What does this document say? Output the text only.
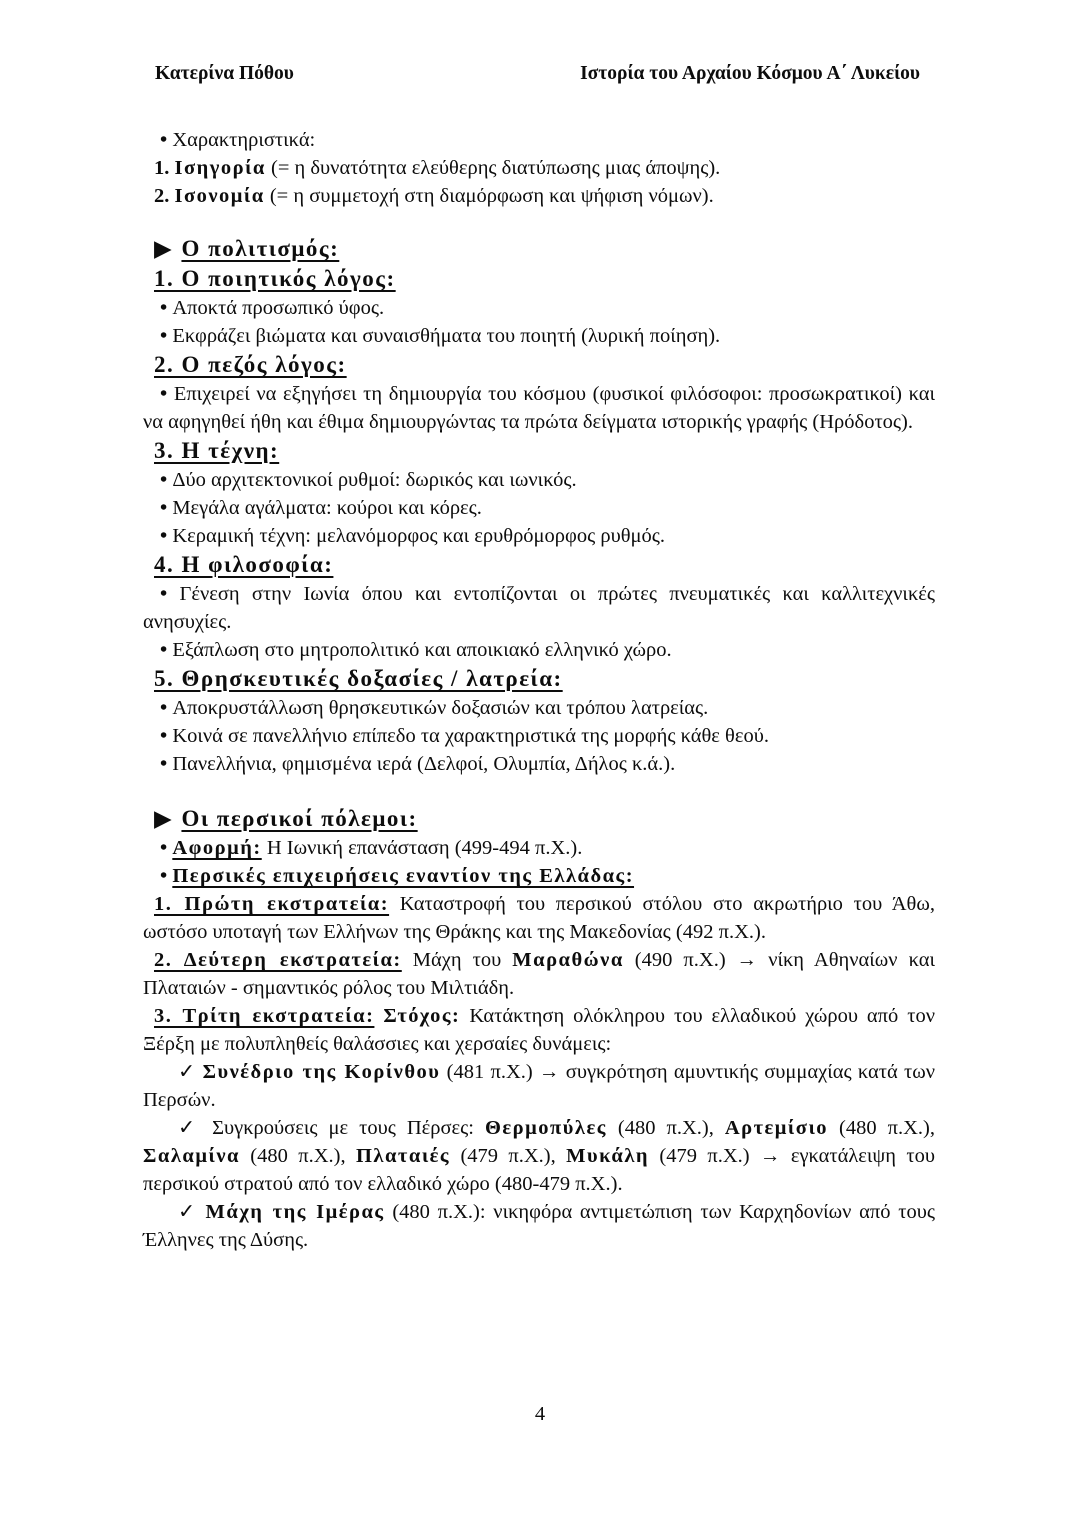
Κατερίνα Πόθου	Ιστορία του Αρχαίου Κόσμου Α΄ Λυκείου
• Χαρακτηριστικά:
1. Ισηγορία (= η δυνατότητα ελεύθερης διατύπωσης μιας άποψης).
2. Ισονομία (= η συμμετοχή στη διαμόρφωση και ψήφιση νόμων).
▶ Ο πολιτισμός:
1. Ο ποιητικός λόγος:
• Αποκτά προσωπικό ύφος.
• Εκφράζει βιώματα και συναισθήματα του ποιητή (λυρική ποίηση).
2. Ο πεζός λόγος:
• Επιχειρεί να εξηγήσει τη δημιουργία του κόσμου (φυσικοί φιλόσοφοι: προσωκρατικοί) και να αφηγηθεί ήθη και έθιμα δημιουργώντας τα πρώτα δείγματα ιστορικής γραφής (Ηρόδοτος).
3. Η τέχνη:
• Δύο αρχιτεκτονικοί ρυθμοί: δωρικός και ιωνικός.
• Μεγάλα αγάλματα: κούροι και κόρες.
• Κεραμική τέχνη: μελανόμορφος και ερυθρόμορφος ρυθμός.
4. Η φιλοσοφία:
• Γένεση στην Ιωνία όπου και εντοπίζονται οι πρώτες πνευματικές και καλλιτεχνικές ανησυχίες.
• Εξάπλωση στο μητροπολιτικό και αποικιακό ελληνικό χώρο.
5. Θρησκευτικές δοξασίες / λατρεία:
• Αποκρυστάλλωση θρησκευτικών δοξασιών και τρόπου λατρείας.
• Κοινά σε πανελλήνιο επίπεδο τα χαρακτηριστικά της μορφής κάθε θεού.
• Πανελλήνια, φημισμένα ιερά (Δελφοί, Ολυμπία, Δήλος κ.ά.).
▶ Οι περσικοί πόλεμοι:
• Αφορμή: Η Ιωνική επανάσταση (499-494 π.Χ.).
• Περσικές επιχειρήσεις εναντίον της Ελλάδας:
1. Πρώτη εκστρατεία: Καταστροφή του περσικού στόλου στο ακρωτήριο του Άθω, ωστόσο υποταγή των Ελλήνων της Θράκης και της Μακεδονίας (492 π.Χ.).
2. Δεύτερη εκστρατεία: Μάχη του Μαραθώνα (490 π.Χ.) → νίκη Αθηναίων και Πλαταιών - σημαντικός ρόλος του Μιλτιάδη.
3. Τρίτη εκστρατεία: Στόχος: Κατάκτηση ολόκληρου του ελλαδικού χώρου από τον Ξέρξη με πολυπληθείς θαλάσσιες και χερσαίες δυνάμεις:
✓ Συνέδριο της Κορίνθου (481 π.Χ.) → συγκρότηση αμυντικής συμμαχίας κατά των Περσών.
✓ Συγκρούσεις με τους Πέρσες: Θερμοπύλες (480 π.Χ.), Αρτεμίσιο (480 π.Χ.), Σαλαμίνα (480 π.Χ.), Πλαταιές (479 π.Χ.), Μυκάλη (479 π.Χ.) → εγκατάλειψη του περσικού στρατού από τον ελλαδικό χώρο (480-479 π.Χ.).
✓ Μάχη της Ιμέρας (480 π.Χ.): νικηφόρα αντιμετώπιση των Καρχηδονίων από τους Έλληνες της Δύσης.
4
